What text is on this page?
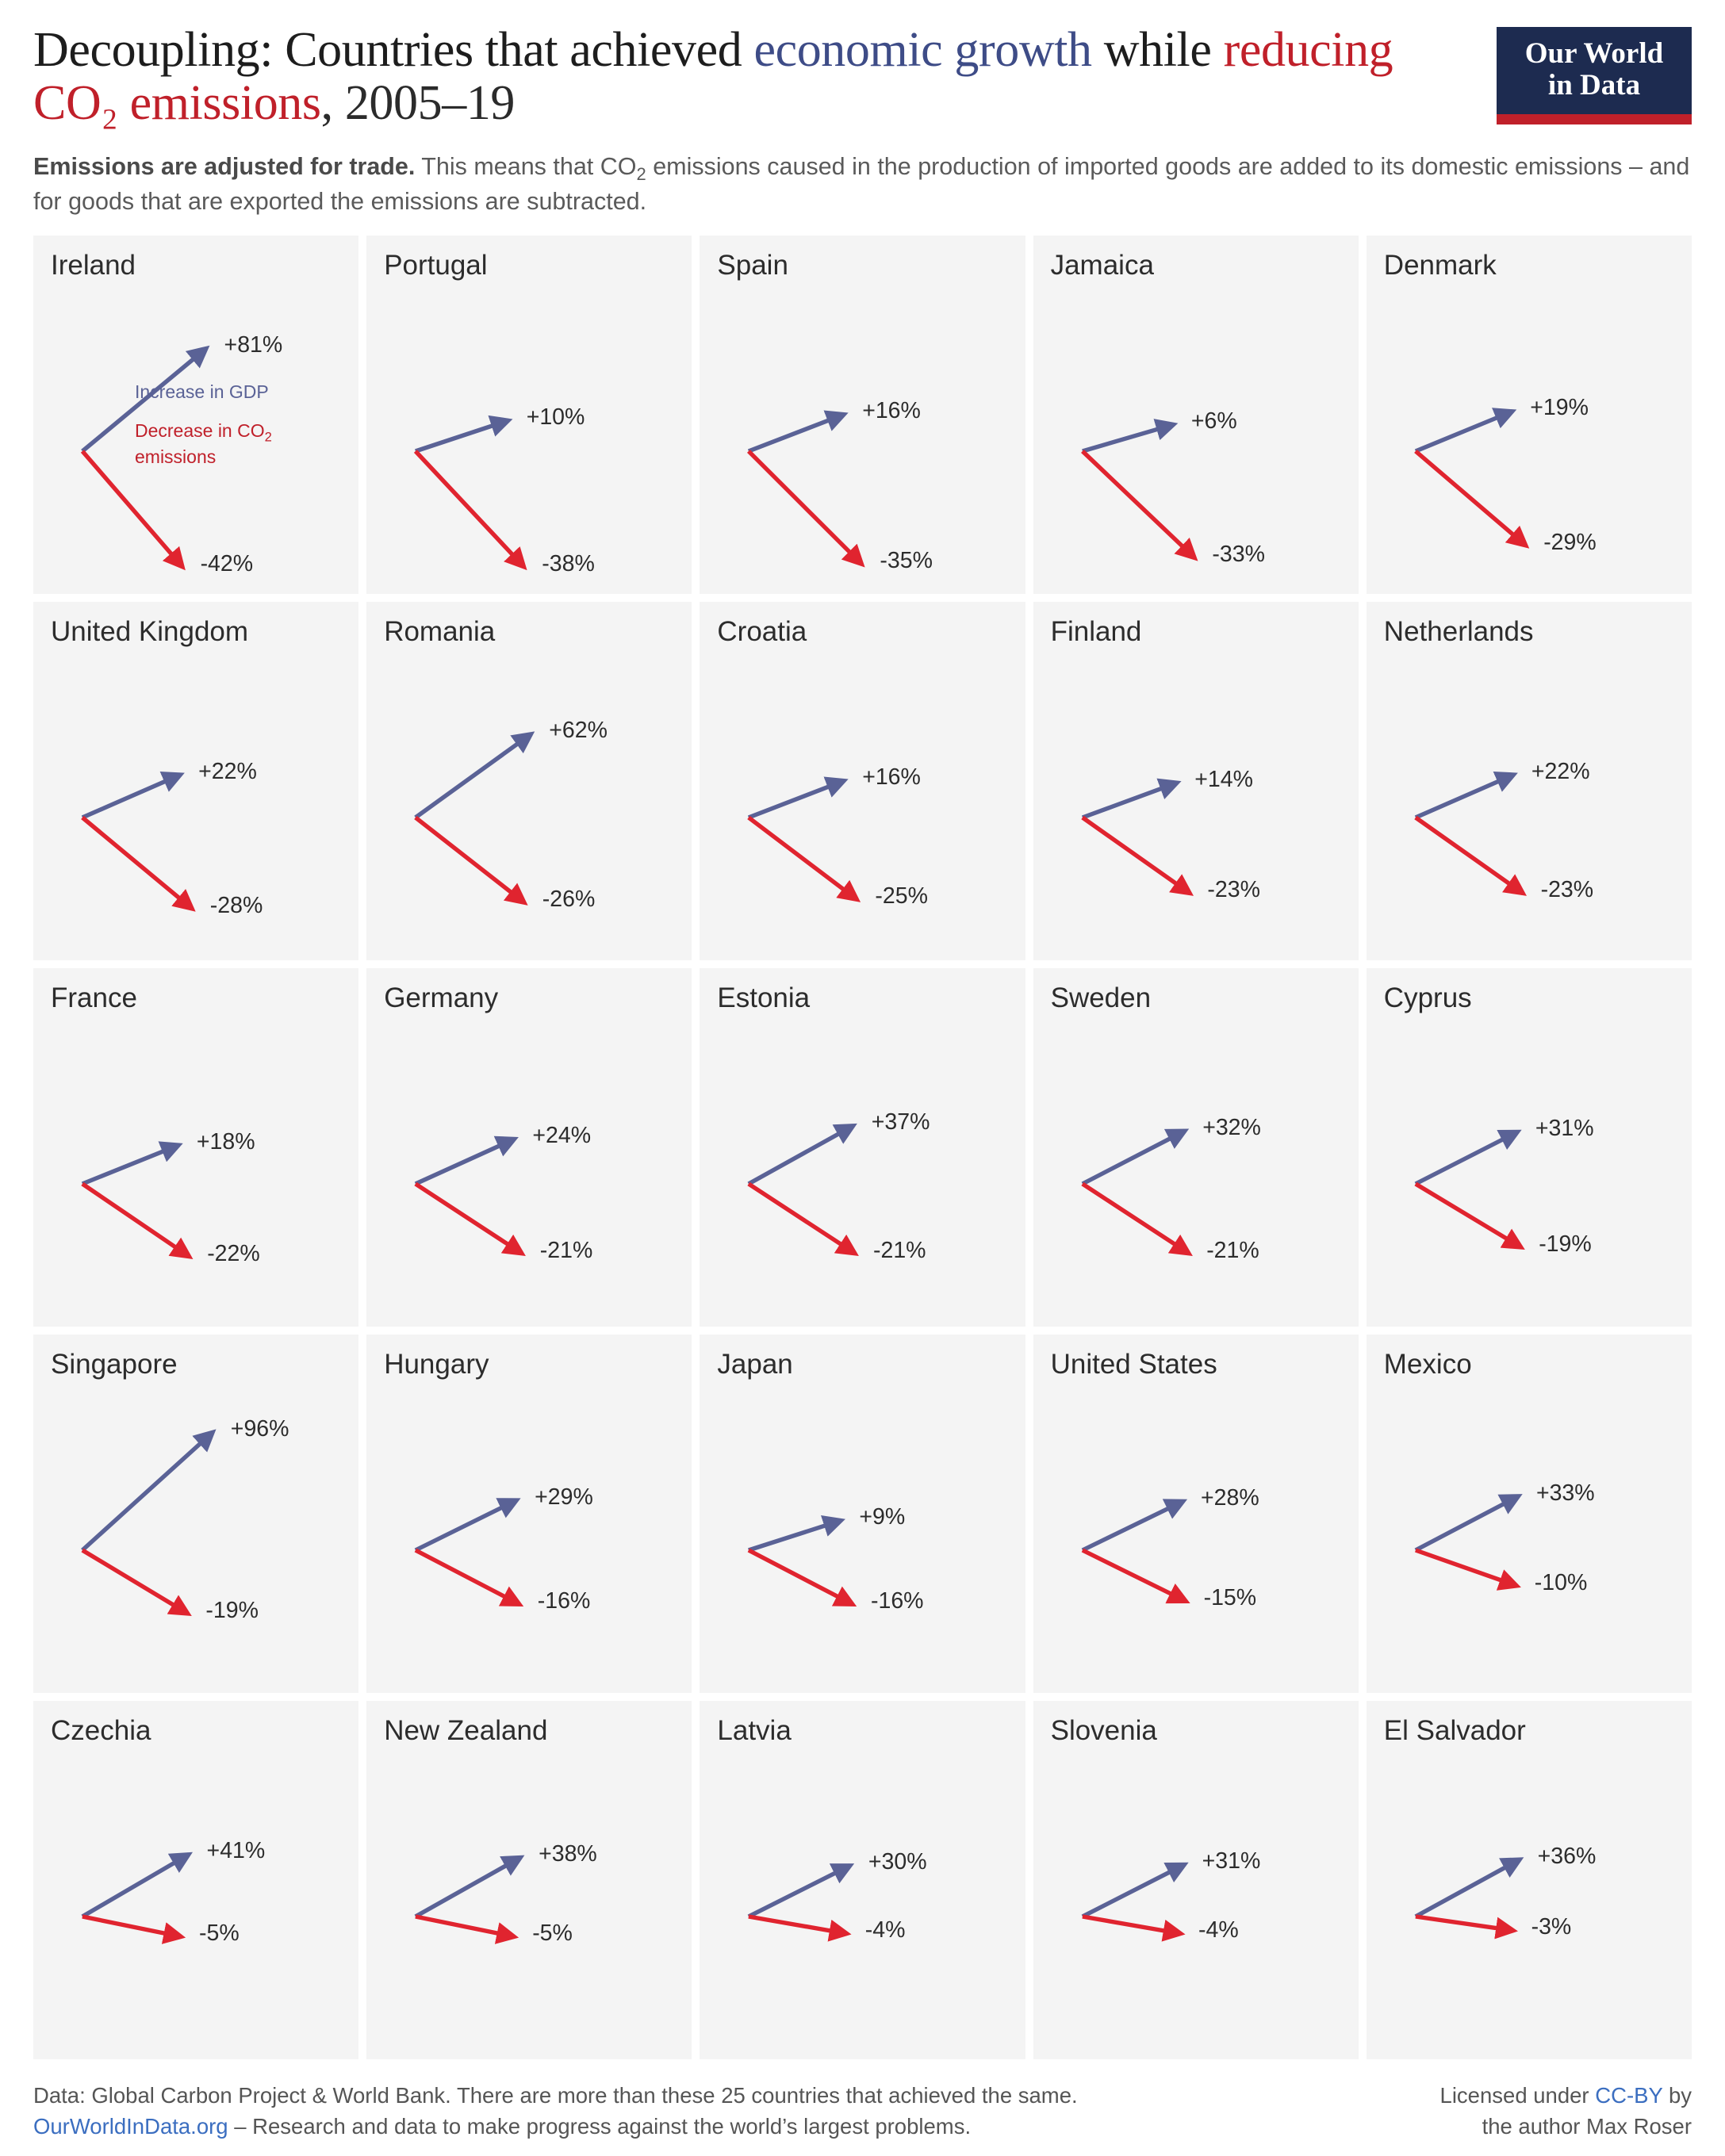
Decoupling: Countries that achieved economic growth while reducing CO₂ emissions, 2005–19
Our World
in Data
Emissions are adjusted for trade. This means that $CO_2$ emissions caused in the production of imported goods are added to its domestic emissions – and for goods that are exported the emissions are subtracted.
Ireland
+81%
-42%
Increase in GDP
Decrease in $CO_2$
emissions
Portugal
+10%
-38%
Spain
+16%
-35%
Jamaica
+6%
-33%
Denmark
+19%
-29%
United Kingdom
+22%
-28%
Romania
+62%
-26%
Croatia
+16%
-25%
Finland
+14%
-23%
Netherlands
+22%
-23%
France
+18%
-22%
Germany
+24%
-21%
Estonia
+37%
-21%
Sweden
+32%
-21%
Cyprus
+31%
-19%
Singapore
+96%
-19%
Hungary
+29%
-16%
Japan
+9%
-16%
United States
+28%
-15%
Mexico
+33%
-10%
Czechia
+41%
-5%
New Zealand
+38%
-5%
Latvia
+30%
-4%
Slovenia
+31%
-4%
El Salvador
+36%
-3%
Data: Global Carbon Project & World Bank. There are more than these 25 countries that achieved the same.
OurWorldInData.org – Research and data to make progress against the world’s largest problems.
Licensed under CC-BY by
the author Max Roser
